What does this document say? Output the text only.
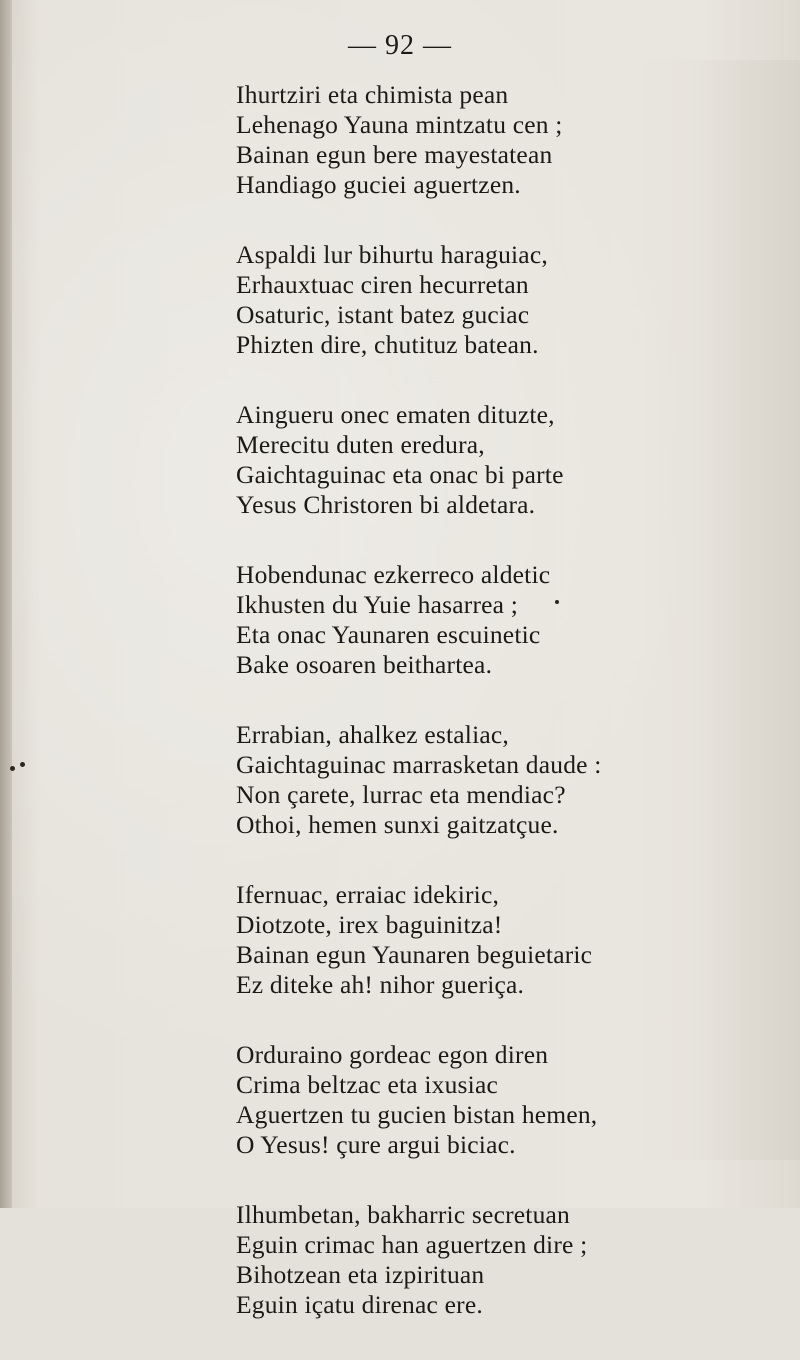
— 92 —
Ihurtziri eta chimista pean
Lehenago Yauna mintzatu cen ;
Bainan egun bere mayestatean
Handiago guciei aguertzen.
Aspaldi lur bihurtu haraguiac,
Erhauxtuac ciren hecurretan
Osaturic, istant batez guciac
Phizten dire, chutituz batean.
Aingueru onec ematen dituzte,
Merecitu duten eredura,
Gaichtaguinac eta onac bi parte
Yesus Christoren bi aldetara.
Hobendunac ezkerreco aldetic
Ikhusten du Yuie hasarrea ;
Eta onac Yaunaren escuinetic
Bake osoaren beithartea.
Errabian, ahalkez estaliac,
Gaichtaguinac marrasketan daude :
Non çarete, lurrac eta mendiac?
Othoi, hemen sunxi gaitzatçue.
Ifernuac, erraiac idekiric,
Diotzote, irex baguinitza!
Bainan egun Yaunaren beguietaric
Ez diteke ah! nihor gueriça.
Orduraino gordeac egon diren
Crima beltzac eta ixusiac
Aguertzen tu gucien bistan hemen,
O Yesus! çure argui biciac.
Ilhumbetan, bakharric secretuan
Eguin crimac han aguertzen dire ;
Bihotzean eta izpirituan
Eguin içatu direnac ere.
